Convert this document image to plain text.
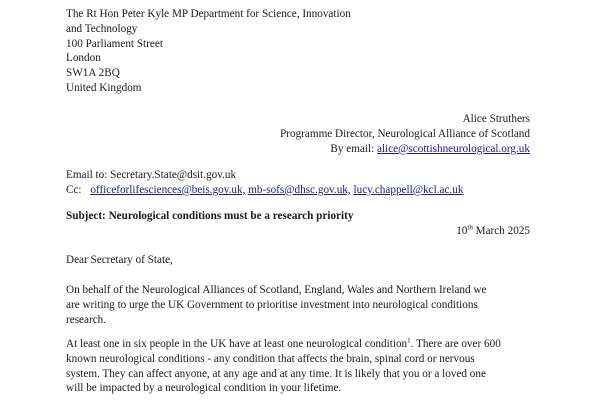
The Rt Hon Peter Kyle MP Department for Science, Innovation
and Technology
100 Parliament Street
London
SW1A 2BQ
United Kingdom
Alice Struthers
Programme Director, Neurological Alliance of Scotland
By email: alice@scottishneurological.org.uk
Email to: Secretary.State@dsit.gov.uk
Cc: officeforlifesciences@beis.gov.uk, mb-sofs@dhsc.gov.uk, lucy.chappell@kcl.ac.uk
Subject: Neurological conditions must be a research priority
10th March 2025
Dear Secretary of State,
On behalf of the Neurological Alliances of Scotland, England, Wales and Northern Ireland we
are writing to urge the UK Government to prioritise investment into neurological conditions
research.
At least one in six people in the UK have at least one neurological condition$^1$. There are over 600
known neurological conditions - any condition that affects the brain, spinal cord or nervous
system. They can affect anyone, at any age and at any time. It is likely that you or a loved one
will be impacted by a neurological condition in your lifetime.
